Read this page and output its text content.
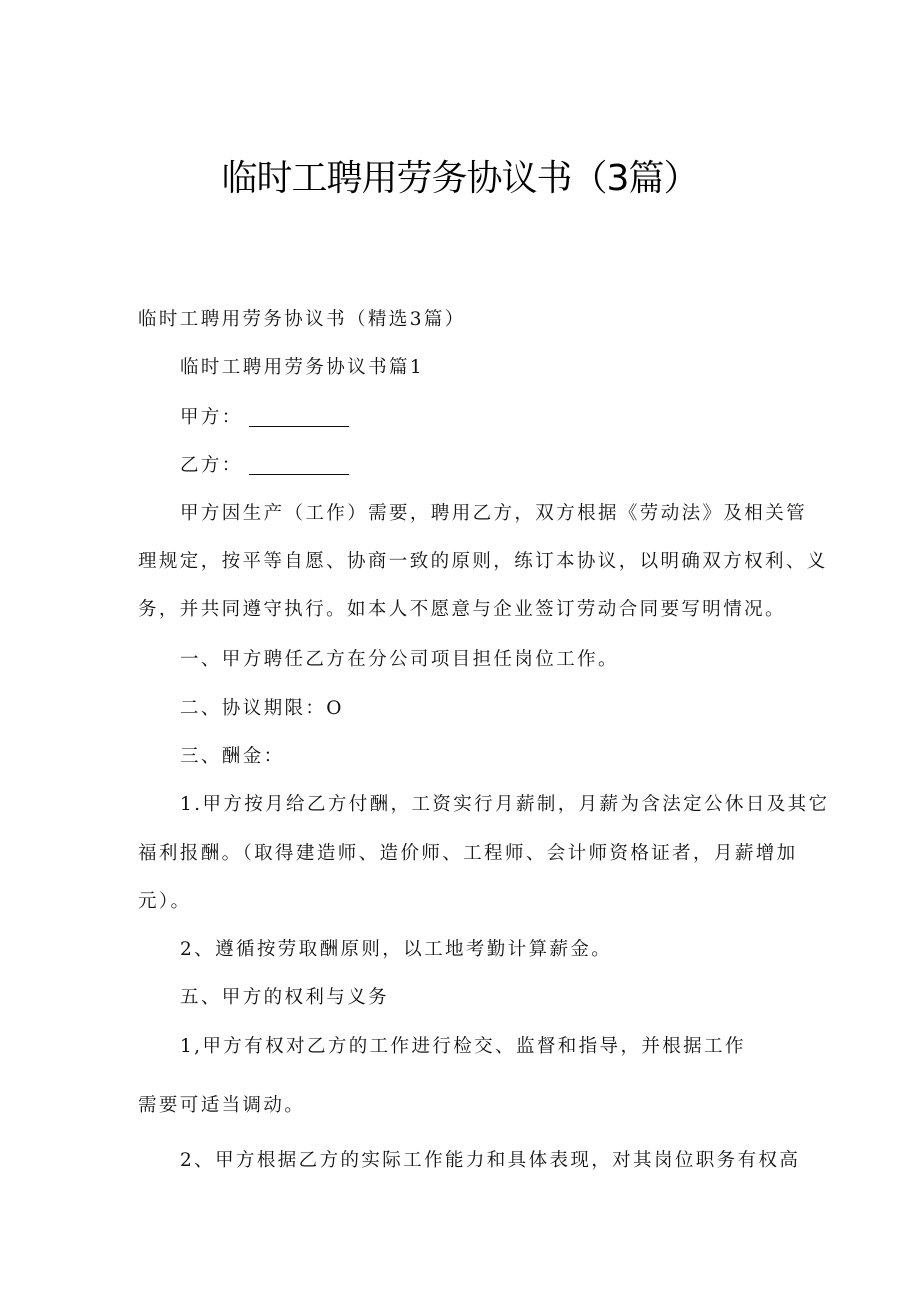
临时工聘用劳务协议书（3篇）

临时工聘用劳务协议书（精选3篇）

临时工聘用劳务协议书篇1

甲方：

乙方：

甲方因生产（工作）需要，聘用乙方，双方根据《劳动法》及相关管

理规定，按平等自愿、协商一致的原则，练订本协议，以明确双方权利、义

务，并共同遵守执行。如本人不愿意与企业签订劳动合同要写明情况。

一、甲方聘任乙方在分公司项目担任岗位工作。

二、协议期限：O

三、酬金：

1.甲方按月给乙方付酬，工资实行月薪制，月薪为含法定公休日及其它

福利报酬。（取得建造师、造价师、工程师、会计师资格证者，月薪增加

元）。

2、遵循按劳取酬原则，以工地考勤计算薪金。

五、甲方的权利与义务

1,甲方有权对乙方的工作进行检交、监督和指导，并根据工作

需要可适当调动。

2、甲方根据乙方的实际工作能力和具体表现，对其岗位职务有权高
